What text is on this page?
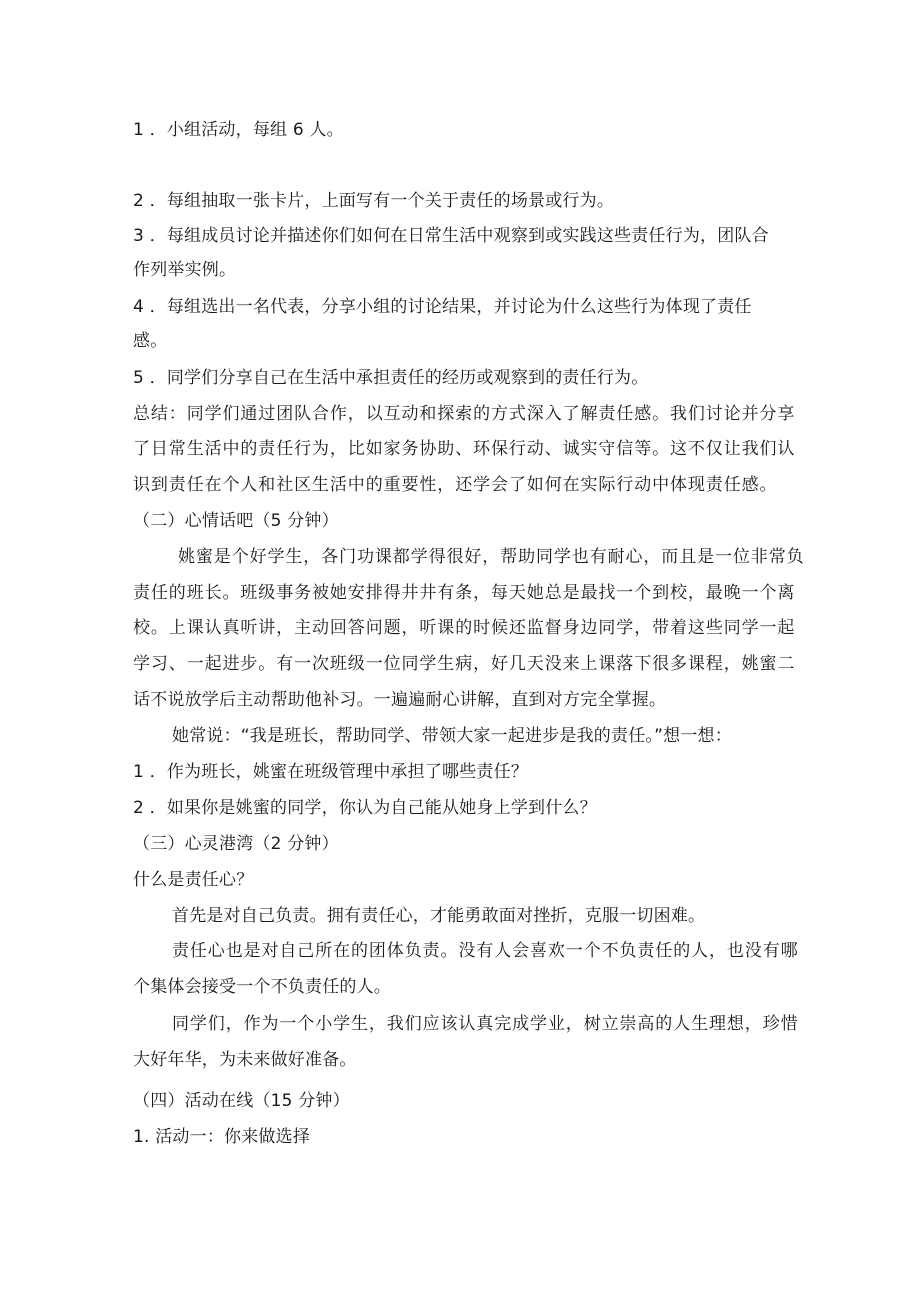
1 ．小组活动，每组 6 人。
2 ．每组抽取一张卡片，上面写有一个关于责任的场景或行为。
3 ．每组成员讨论并描述你们如何在日常生活中观察到或实践这些责任行为，团队合
作列举实例。
4 ．每组选出一名代表，分享小组的讨论结果，并讨论为什么这些行为体现了责任
感。
5 ．同学们分享自己在生活中承担责任的经历或观察到的责任行为。
总结：同学们通过团队合作，以互动和探索的方式深入了解责任感。我们讨论并分享
了日常生活中的责任行为，比如家务协助、环保行动、诚实守信等。这不仅让我们认
识到责任在个人和社区生活中的重要性，还学会了如何在实际行动中体现责任感。
（二）心情话吧（5 分钟）
姚蜜是个好学生，各门功课都学得很好，帮助同学也有耐心，而且是一位非常负
责任的班长。班级事务被她安排得井井有条，每天她总是最找一个到校，最晚一个离
校。上课认真听讲，主动回答问题，听课的时候还监督身边同学，带着这些同学一起
学习、一起进步。有一次班级一位同学生病，好几天没来上课落下很多课程，姚蜜二
话不说放学后主动帮助他补习。一遍遍耐心讲解，直到对方完全掌握。
她常说：“我是班长，帮助同学、带领大家一起进步是我的责任。”想一想：
1 ．作为班长，姚蜜在班级管理中承担了哪些责任？
2 ．如果你是姚蜜的同学，你认为自己能从她身上学到什么？
（三）心灵港湾（2 分钟）
什么是责任心？
首先是对自己负责。拥有责任心，才能勇敢面对挫折，克服一切困难。
责任心也是对自己所在的团体负责。没有人会喜欢一个不负责任的人，也没有哪
个集体会接受一个不负责任的人。
同学们，作为一个小学生，我们应该认真完成学业，树立崇高的人生理想，珍惜
大好年华，为未来做好准备。
（四）活动在线（15 分钟）
1. 活动一：你来做选择
